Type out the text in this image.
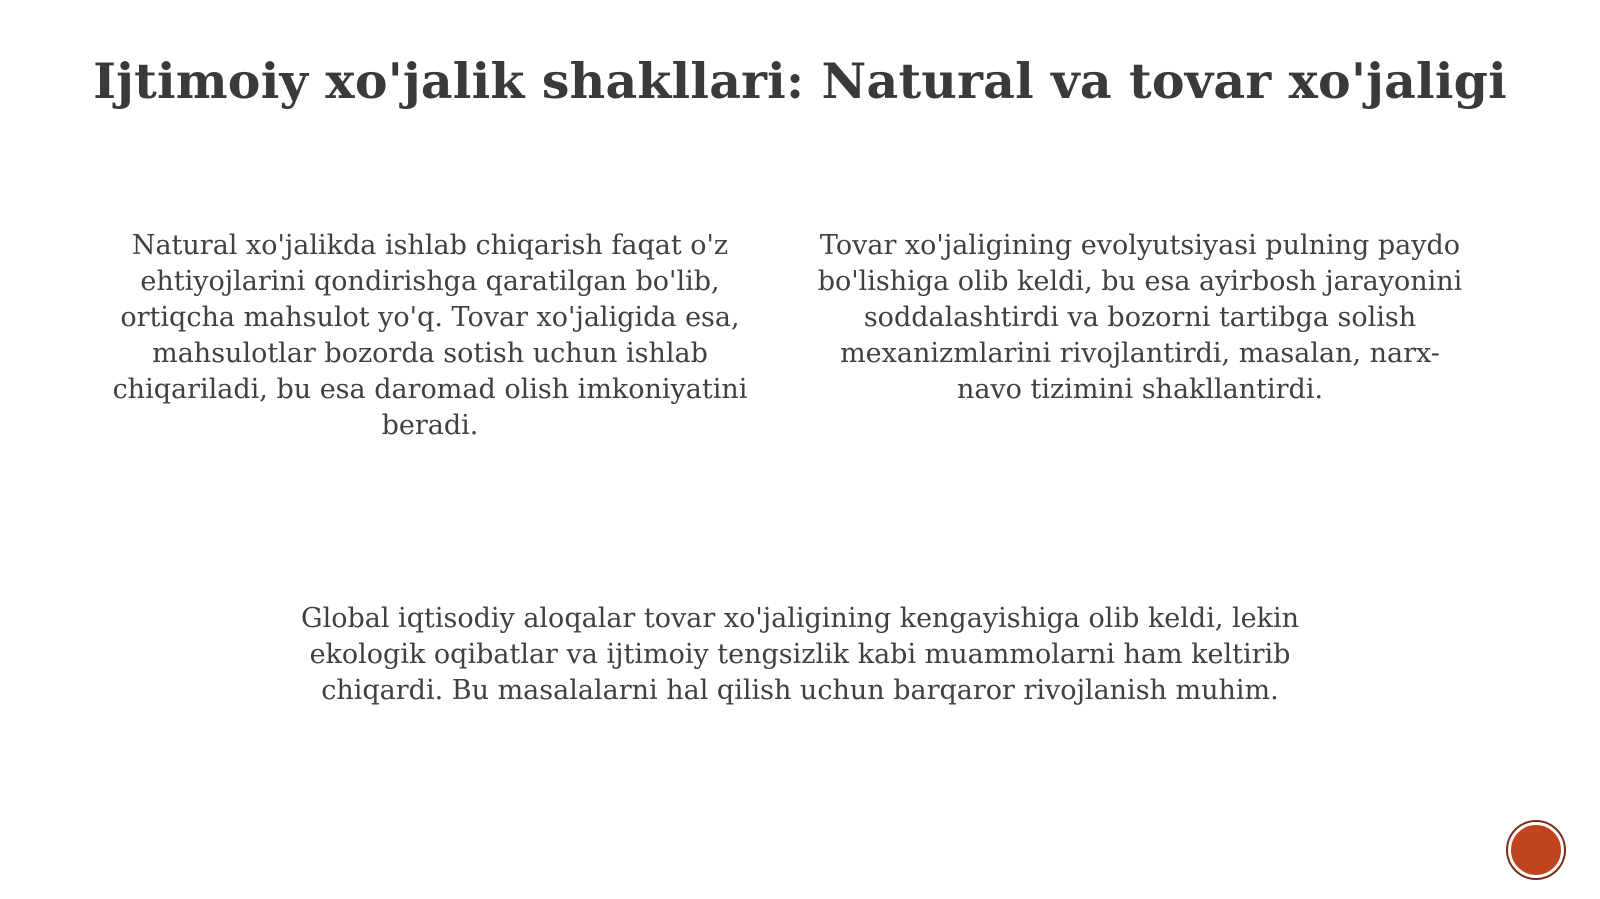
Ijtimoiy xo'jalik shakllari: Natural va tovar xo'jaligi

Natural xo'jalikda ishlab chiqarish faqat o'z ehtiyojlarini qondirishga qaratilgan bo'lib, ortiqcha mahsulot yo'q. Tovar xo'jaligida esa, mahsulotlar bozorda sotish uchun ishlab chiqariladi, bu esa daromad olish imkoniyatini beradi.

Tovar xo'jaligining evolyutsiyasi pulning paydo bo'lishiga olib keldi, bu esa ayirbosh jarayonini soddalashtirdi va bozorni tartibga solish mexanizmlarini rivojlantirdi, masalan, narx-navo tizimini shakllantirdi.

Global iqtisodiy aloqalar tovar xo'jaligining kengayishiga olib keldi, lekin ekologik oqibatlar va ijtimoiy tengsizlik kabi muammolarni ham keltirib chiqardi. Bu masalalarni hal qilish uchun barqaror rivojlanish muhim.
